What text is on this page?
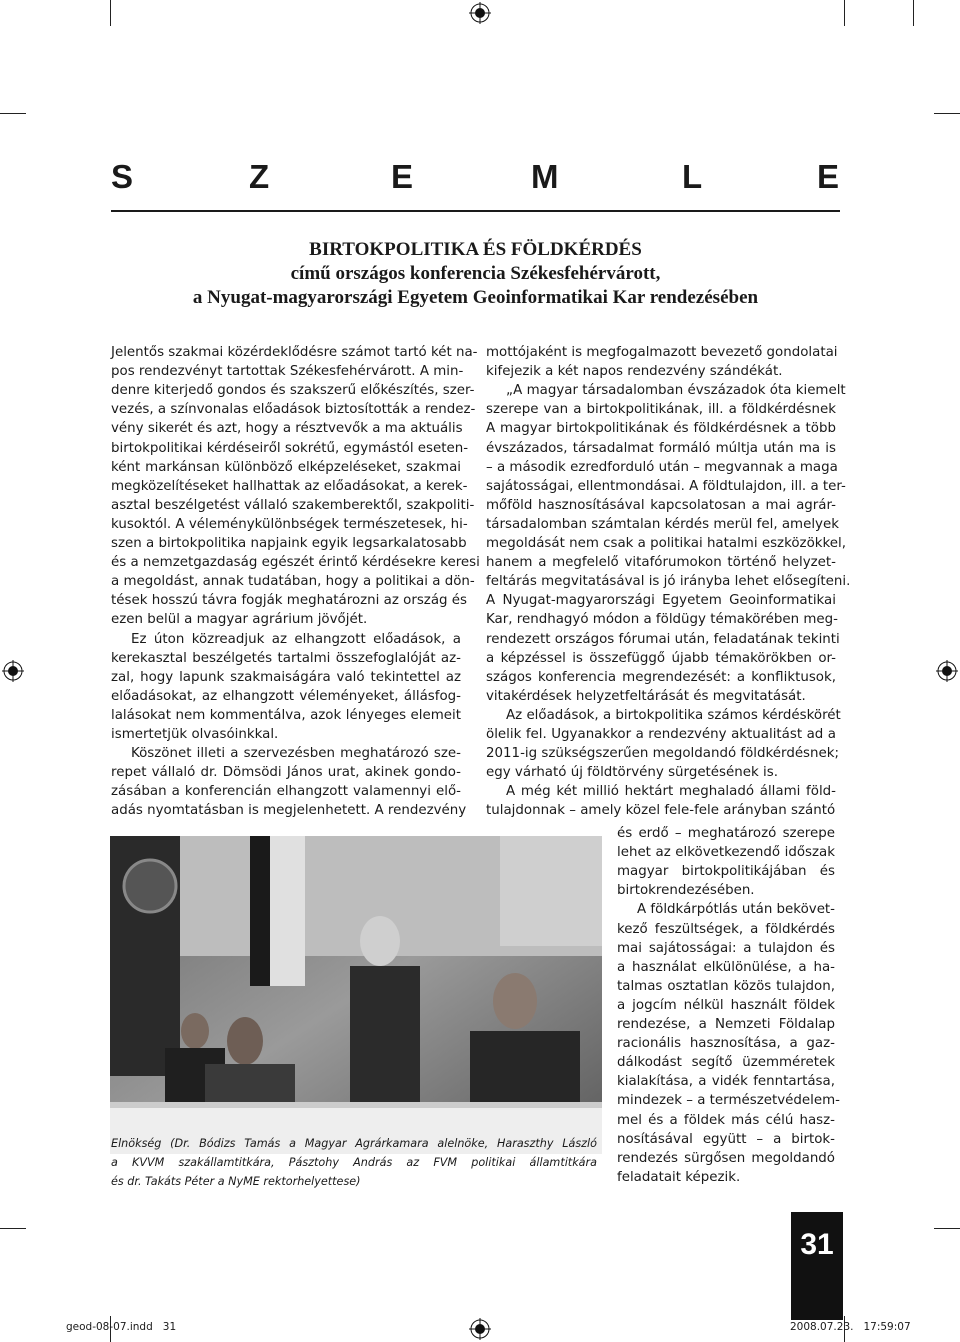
S	Z	E	M	L	E
BIRTOKPOLITIKA ÉS FÖLDKÉRDÉS
című országos konferencia Székesfehérvárott,
a Nyugat-magyarországi Egyetem Geoinformatikai Kar rendezésében
Jelentős szakmai közérdeklődésre számot tartó két na-
pos rendezvényt tartottak Székesfehérvárott. A min-
denre kiterjedő gondos és szakszerű előkészítés, szer-
vezés, a színvonalas előadások biztosították a rendez-
vény sikerét és azt, hogy a résztvevők a ma aktuális
birtokpolitikai kérdéseiről sokrétű, egymástól eseten-
ként markánsan különböző elképzeléseket, szakmai
megközelítéseket hallhattak az előadásokat, a kerek-
asztal beszélgetést vállaló szakemberektől, szakpoliti-
kusoktól. A véleménykülönbségek természetesek, hi-
szen a birtokpolitika napjaink egyik legsarkalatosabb
és a nemzetgazdaság egészét érintő kérdésekre keresi
a megoldást, annak tudatában, hogy a politikai a dön-
tések hosszú távra fogják meghatározni az ország és
ezen belül a magyar agrárium jövőjét.
Ez úton közreadjuk az elhangzott előadások, a
kerekasztal beszélgetés tartalmi összefoglalóját az-
zal, hogy lapunk szakmaiságára való tekintettel az
előadásokat, az elhangzott véleményeket, állásfog-
lalásokat nem kommentálva, azok lényeges elemeit
ismertetjük olvasóinkkal.
Köszönet illeti a szervezésben meghatározó sze-
repet vállaló dr. Dömsödi János urat, akinek gondo-
zásában a konferencián elhangzott valamennyi elő-
adás nyomtatásban is megjelenhetett. A rendezvény
mottójaként is megfogalmazott bevezető gondolatai
kifejezik a két napos rendezvény szándékát.
„A magyar társadalomban évszázadok óta kiemelt
szerepe van a birtokpolitikának, ill. a földkérdésnek
A magyar birtokpolitikának és földkérdésnek a több
évszázados, társadalmat formáló múltja után ma is
– a második ezredforduló után – megvannak a maga
sajátosságai, ellentmondásai. A földtulajdon, ill. a ter-
mőföld hasznosításával kapcsolatosan a mai agrár-
társadalomban számtalan kérdés merül fel, amelyek
megoldását nem csak a politikai hatalmi eszközökkel,
hanem a megfelelő vitafórumokon történő helyzet-
feltárás megvitatásával is jó irányba lehet elősegíteni.
A Nyugat-magyarországi Egyetem Geoinformatikai
Kar, rendhagyó módon a földügy témakörében meg-
rendezett országos fórumai után, feladatának tekinti
a képzéssel is összefüggő újabb témakörökben or-
szágos konferencia megrendezését: a konfliktusok,
vitakérdések helyzetfeltárását és megvitatását.
Az előadások, a birtokpolitika számos kérdéskörét
ölelik fel. Ugyanakkor a rendezvény aktualitást ad a
2011-ig szükségszerűen megoldandó földkérdésnek;
egy várható új földtörvény sürgetésének is.
A még két millió hektárt meghaladó állami föld-
tulajdonnak – amely közel fele-fele arányban szántó
és erdő – meghatározó szerepe
lehet az elkövetkezendő időszak
magyar birtokpolitikájában és
birtokrendezésében.
A földkárpótlás után bekövet-
kező feszültségek, a földkérdés
mai sajátosságai: a tulajdon és
a használat elkülönülése, a ha-
talmas osztatlan közös tulajdon,
a jogcím nélkül használt földek
rendezése, a Nemzeti Földalap
racionális hasznosítása, a gaz-
dálkodást segítő üzemméretek
kialakítása, a vidék fenntartása,
mindezek – a természetvédelem-
mel és a földek más célú hasz-
nosításával együtt – a birtok-
rendezés sürgősen megoldandó
feladatait képezik.
Elnökség (Dr. Bódizs Tamás a Magyar Agrárkamara alelnöke, Haraszthy László
a KVVM szakállamtitkára, Pásztohy András az FVM politikai államtitkára
és dr. Takáts Péter a NyME rektorhelyettese)
31
geod-08-07.indd   31	2008.07.23.   17:59:07
